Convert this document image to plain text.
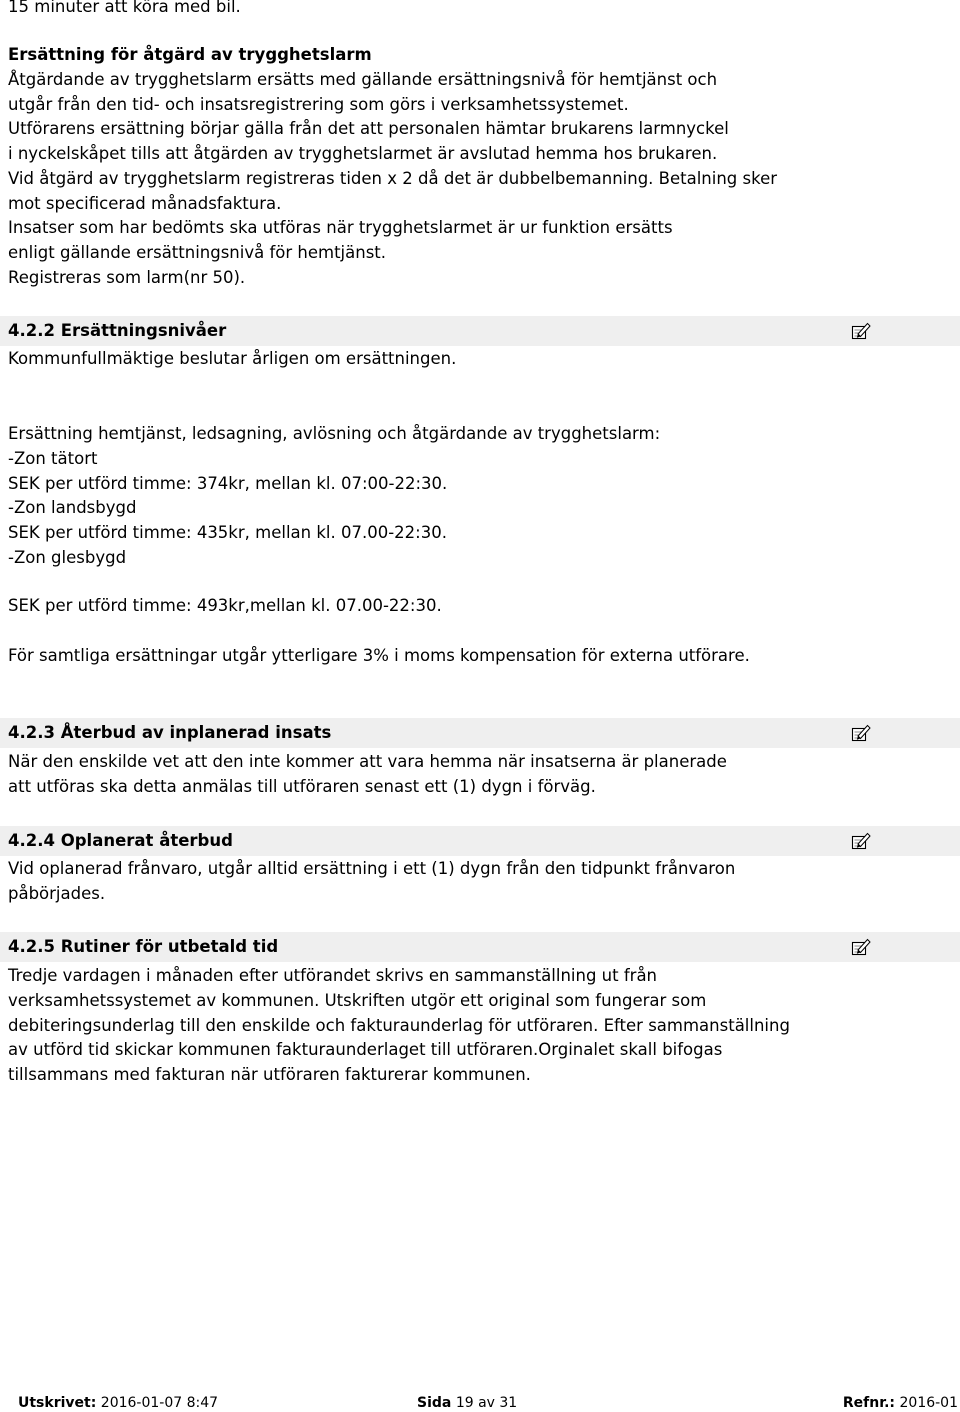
15 minuter att köra med bil.
Ersättning för åtgärd av trygghetslarm
Åtgärdande av trygghetslarm ersätts med gällande ersättningsnivå för hemtjänst och
utgår från den tid- och insatsregistrering som görs i verksamhetssystemet.
Utförarens ersättning börjar gälla från det att personalen hämtar brukarens larmnyckel
i nyckelskåpet tills att åtgärden av trygghetslarmet är avslutad hemma hos brukaren.
Vid åtgärd av trygghetslarm registreras tiden x 2 då det är dubbelbemanning. Betalning sker
mot specificerad månadsfaktura.
Insatser som har bedömts ska utföras när trygghetslarmet är ur funktion ersätts
enligt gällande ersättningsnivå för hemtjänst.
Registreras som larm(nr 50).
4.2.2 Ersättningsnivåer
Kommunfullmäktige beslutar årligen om ersättningen.
Ersättning hemtjänst, ledsagning, avlösning och åtgärdande av trygghetslarm:
-Zon tätort
SEK per utförd timme: 374kr, mellan kl. 07:00-22:30.
-Zon landsbygd
SEK per utförd timme: 435kr, mellan kl. 07.00-22:30.
-Zon glesbygd
SEK per utförd timme: 493kr,mellan kl. 07.00-22:30.
För samtliga ersättningar utgår ytterligare 3% i moms kompensation för externa utförare.
4.2.3 Återbud av inplanerad insats
När den enskilde vet att den inte kommer att vara hemma när insatserna är planerade
att utföras ska detta anmälas till utföraren senast ett (1) dygn i förväg.
4.2.4 Oplanerat återbud
Vid oplanerad frånvaro, utgår alltid ersättning i ett (1) dygn från den tidpunkt frånvaron
påbörjades.
4.2.5 Rutiner för utbetald tid
Tredje vardagen i månaden efter utförandet skrivs en sammanställning ut från
verksamhetssystemet av kommunen. Utskriften utgör ett original som fungerar som
debiteringsunderlag till den enskilde och fakturaunderlag för utföraren. Efter sammanställning
av utförd tid skickar kommunen fakturaunderlaget till utföraren.Orginalet skall bifogas
tillsammans med fakturan när utföraren fakturerar kommunen.
Utskrivet: 2016-01-07 8:47	Sida 19 av 31	Refnr.: 2016-01
